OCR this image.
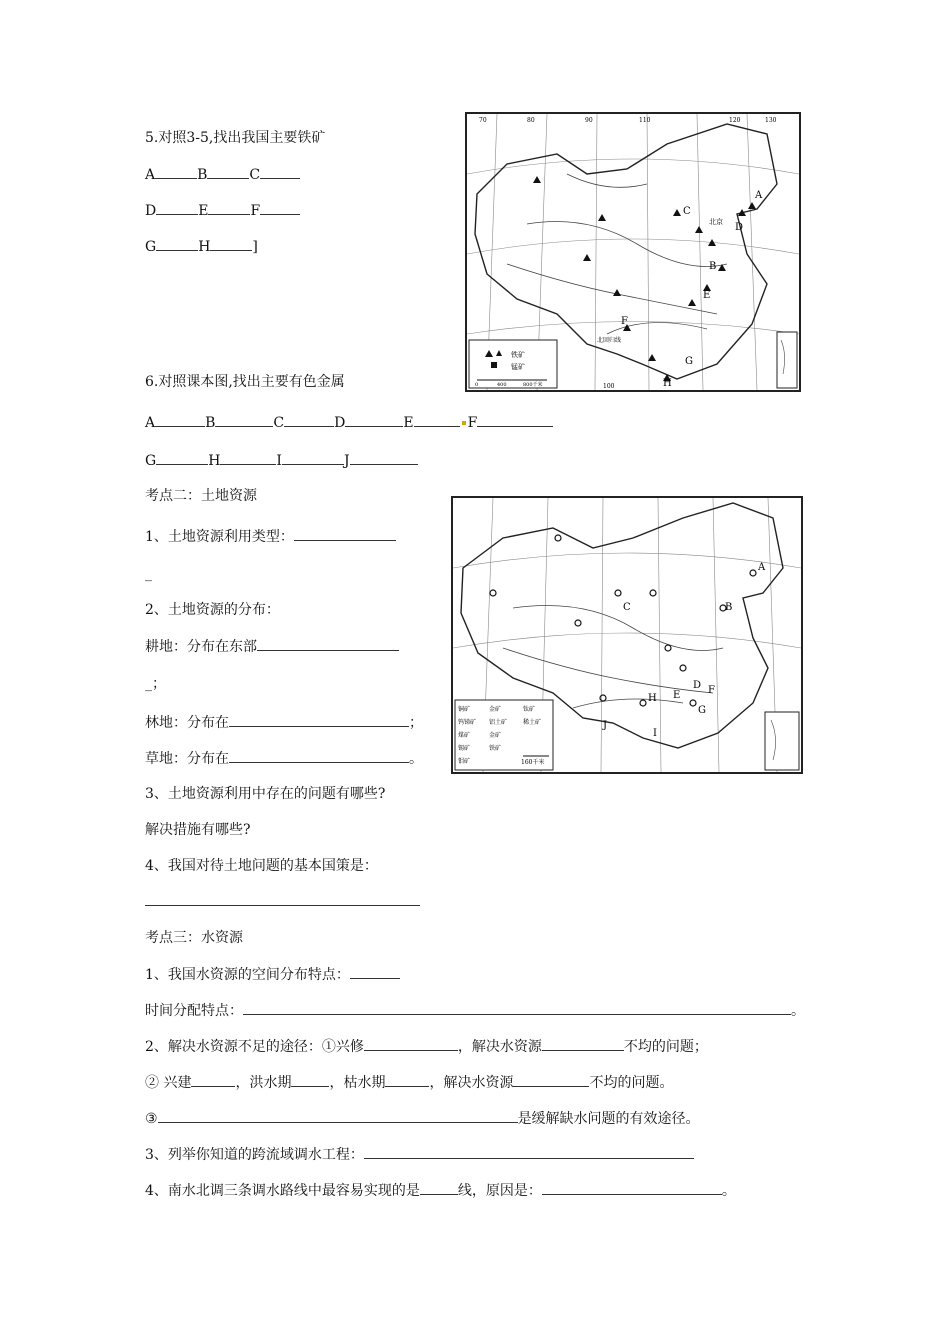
5.对照3-5,找出我国主要铁矿
A	B	C
D	E	F
G	H	]
C
A
D
B
E
F
G
H
北京
北回归线
70	80	90
100
110	120	130
铁矿
锰矿
0	400	800千米
6.对照课本图,找出主要有色金属
A	B	C	D	E	F
G	H	I	J
考点二：土地资源
1、土地资源利用类型：
_
2、土地资源的分布：
耕地：分布在东部
_；
林地：分布在	；
草地：分布在	。
3、土地资源利用中存在的问题有哪些?
解决措施有哪些?
4、我国对待土地问题的基本国策是：
A
B
C
D
E	F
G
H
I
J
铜矿	金矿	钛矿
钨锑矿 铝土矿	稀土矿
煤矿	金矿
锡矿	铁矿
钼矿	160千米
考点三：水资源
1、我国水资源的空间分布特点：
时间分配特点：	。
2、解决水资源不足的途径：①兴修	，解决水资源	不均的问题；
② 兴建	，洪水期	，枯水期	，解决水资源	不均的问题。
③	是缓解缺水问题的有效途径。
3、列举你知道的跨流域调水工程：
4、南水北调三条调水路线中最容易实现的是	线，原因是：	。
